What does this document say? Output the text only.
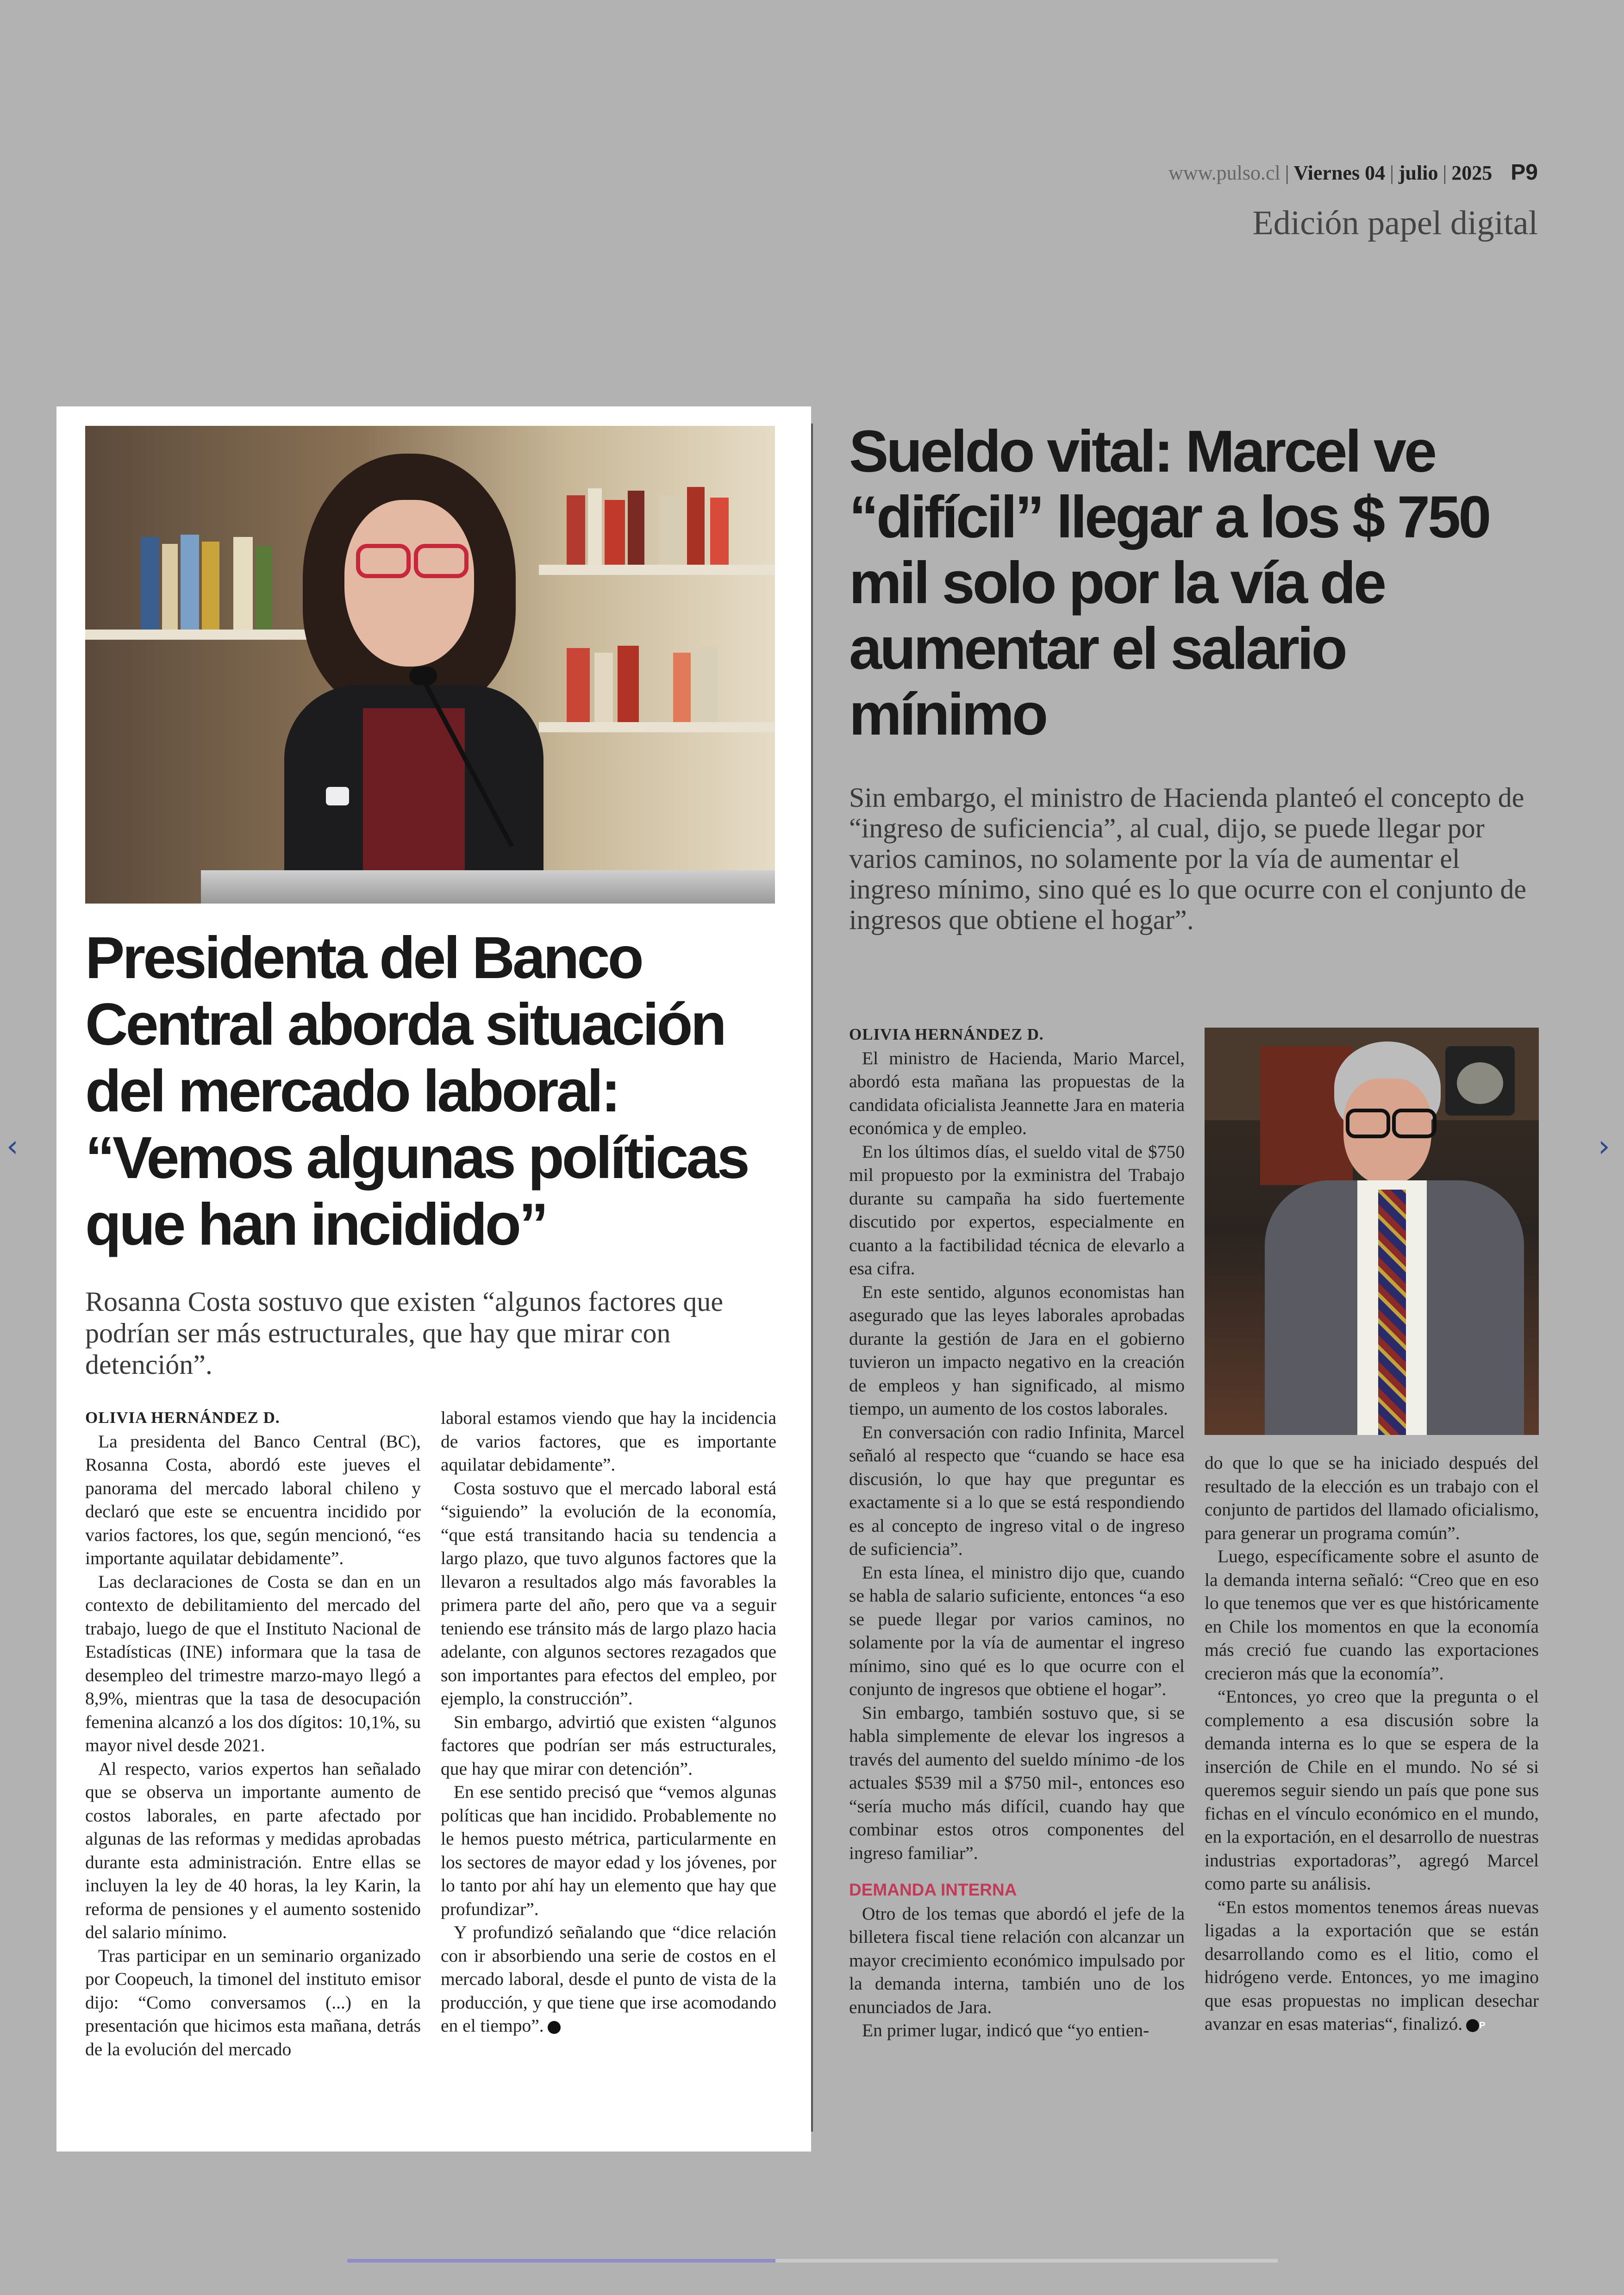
www.pulso.cl | Viernes 04 | julio | 2025 P9
Edición papel digital
Presidenta del Banco Central aborda situación del mercado laboral: “Vemos algunas políticas que han incidido”
Rosanna Costa sostuvo que existen “algunos factores que podrían ser más estructurales, que hay que mirar con detención”.
OLIVIA HERNÁNDEZ D.

La presidenta del Banco Central (BC), Rosanna Costa, abordó este jueves el panorama del mercado laboral chileno y declaró que este se encuentra incidido por varios factores, los que, según mencionó, “es importante aquilatar debidamente”.

Las declaraciones de Costa se dan en un contexto de debilitamiento del mercado del trabajo, luego de que el Instituto Nacional de Estadísticas (INE) informara que la tasa de desempleo del trimestre marzo-mayo llegó a 8,9%, mientras que la tasa de desocupación femenina alcanzó a los dos dígitos: 10,1%, su mayor nivel desde 2021.

Al respecto, varios expertos han señalado que se observa un importante aumento de costos laborales, en parte afectado por algunas de las reformas y medidas aprobadas durante esta administración. Entre ellas se incluyen la ley de 40 horas, la ley Karin, la reforma de pensiones y el aumento sostenido del salario mínimo.

Tras participar en un seminario organizado por Coopeuch, la timonel del instituto emisor dijo: “Como conversamos (...) en la presentación que hicimos esta mañana, detrás de la evolución del mercado

laboral estamos viendo que hay la incidencia de varios factores, que es importante aquilatar debidamente”.

Costa sostuvo que el mercado laboral está “siguiendo” la evolución de la economía, “que está transitando hacia su tendencia a largo plazo, que tuvo algunos factores que la llevaron a resultados algo más favorables la primera parte del año, pero que va a seguir teniendo ese tránsito más de largo plazo hacia adelante, con algunos sectores rezagados que son importantes para efectos del empleo, por ejemplo, la construcción”.

Sin embargo, advirtió que existen “algunos factores que podrían ser más estructurales, que hay que mirar con detención”.

En ese sentido precisó que “vemos algunas políticas que han incidido. Probablemente no le hemos puesto métrica, particularmente en los sectores de mayor edad y los jóvenes, por lo tanto por ahí hay un elemento que hay que profundizar”.

Y profundizó señalando que “dice relación con ir absorbiendo una serie de costos en el mercado laboral, desde el punto de vista de la producción, y que tiene que irse acomodando en el tiempo”. P

Sueldo vital: Marcel ve “difícil” llegar a los $ 750 mil solo por la vía de aumentar el salario mínimo
Sin embargo, el ministro de Hacienda planteó el concepto de “ingreso de suficiencia”, al cual, dijo, se puede llegar por varios caminos, no solamente por la vía de aumentar el ingreso mínimo, sino qué es lo que ocurre con el conjunto de ingresos que obtiene el hogar”.
OLIVIA HERNÁNDEZ D.

El ministro de Hacienda, Mario Marcel, abordó esta mañana las propuestas de la candidata oficialista Jeannette Jara en materia económica y de empleo.

En los últimos días, el sueldo vital de $750 mil propuesto por la exministra del Trabajo durante su campaña ha sido fuertemente discutido por expertos, especialmente en cuanto a la factibilidad técnica de elevarlo a esa cifra.

En este sentido, algunos economistas han asegurado que las leyes laborales aprobadas durante la gestión de Jara en el gobierno tuvieron un impacto negativo en la creación de empleos y han significado, al mismo tiempo, un aumento de los costos laborales.

En conversación con radio Infinita, Marcel señaló al respecto que “cuando se hace esa discusión, lo que hay que preguntar es exactamente si a lo que se está respondiendo es al concepto de ingreso vital o de ingreso de suficiencia”.

En esta línea, el ministro dijo que, cuando se habla de salario suficiente, entonces “a eso se puede llegar por varios caminos, no solamente por la vía de aumentar el ingreso mínimo, sino qué es lo que ocurre con el conjunto de ingresos que obtiene el hogar”.

Sin embargo, también sostuvo que, si se habla simplemente de elevar los ingresos a través del aumento del sueldo mínimo -de los actuales $539 mil a $750 mil-, entonces eso “sería mucho más difícil, cuando hay que combinar estos otros componentes del ingreso familiar”.

DEMANDA INTERNA

Otro de los temas que abordó el jefe de la billetera fiscal tiene relación con alcanzar un mayor crecimiento económico impulsado por la demanda interna, también uno de los enunciados de Jara.

En primer lugar, indicó que “yo entien-

do que lo que se ha iniciado después del resultado de la elección es un trabajo con el conjunto de partidos del llamado oficialismo, para generar un programa común”.

Luego, específicamente sobre el asunto de la demanda interna señaló: “Creo que en eso lo que tenemos que ver es que históricamente en Chile los momentos en que la economía más creció fue cuando las exportaciones crecieron más que la economía”.

“Entonces, yo creo que la pregunta o el complemento a esa discusión sobre la demanda interna es lo que se espera de la inserción de Chile en el mundo. No sé si queremos seguir siendo un país que pone sus fichas en el vínculo económico en el mundo, en la exportación, en el desarrollo de nuestras industrias exportadoras”, agregó Marcel como parte su análisis.

“En estos momentos tenemos áreas nuevas ligadas a la exportación que se están desarrollando como es el litio, como el hidrógeno verde. Entonces, yo me imagino que esas propuestas no implican desechar avanzar en esas materias“, finalizó. P

‹	›
